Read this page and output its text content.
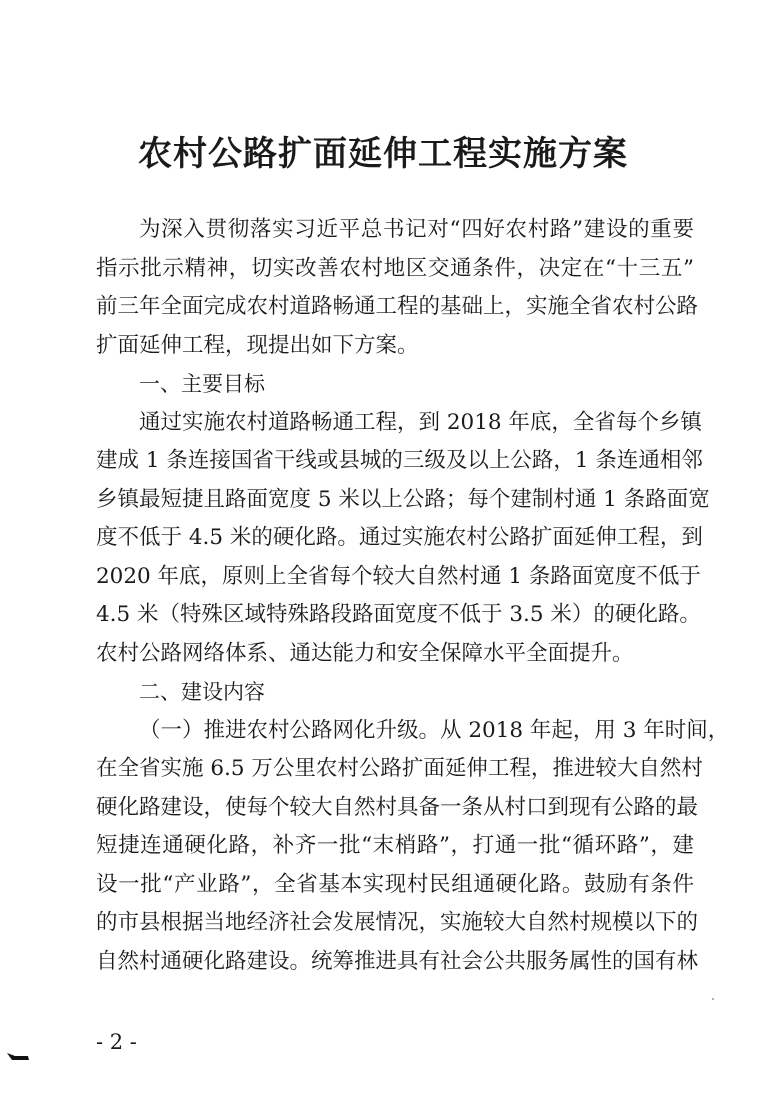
农村公路扩面延伸工程实施方案

为深入贯彻落实习近平总书记对“四好农村路”建设的重要

指示批示精神，切实改善农村地区交通条件，决定在“十三五”

前三年全面完成农村道路畅通工程的基础上，实施全省农村公路

扩面延伸工程，现提出如下方案。

一、主要目标

通过实施农村道路畅通工程，到 2018 年底，全省每个乡镇

建成 1 条连接国省干线或县城的三级及以上公路，1 条连通相邻

乡镇最短捷且路面宽度 5 米以上公路；每个建制村通 1 条路面宽

度不低于 4.5 米的硬化路。通过实施农村公路扩面延伸工程，到

2020 年底，原则上全省每个较大自然村通 1 条路面宽度不低于

4.5 米（特殊区域特殊路段路面宽度不低于 3.5 米）的硬化路。

农村公路网络体系、通达能力和安全保障水平全面提升。

二、建设内容

（一）推进农村公路网化升级。从 2018 年起，用 3 年时间，

在全省实施 6.5 万公里农村公路扩面延伸工程，推进较大自然村

硬化路建设，使每个较大自然村具备一条从村口到现有公路的最

短捷连通硬化路，补齐一批“末梢路”，打通一批“循环路”，建

设一批“产业路”，全省基本实现村民组通硬化路。鼓励有条件

的市县根据当地经济社会发展情况，实施较大自然村规模以下的

自然村通硬化路建设。统筹推进具有社会公共服务属性的国有林

- 2 -
